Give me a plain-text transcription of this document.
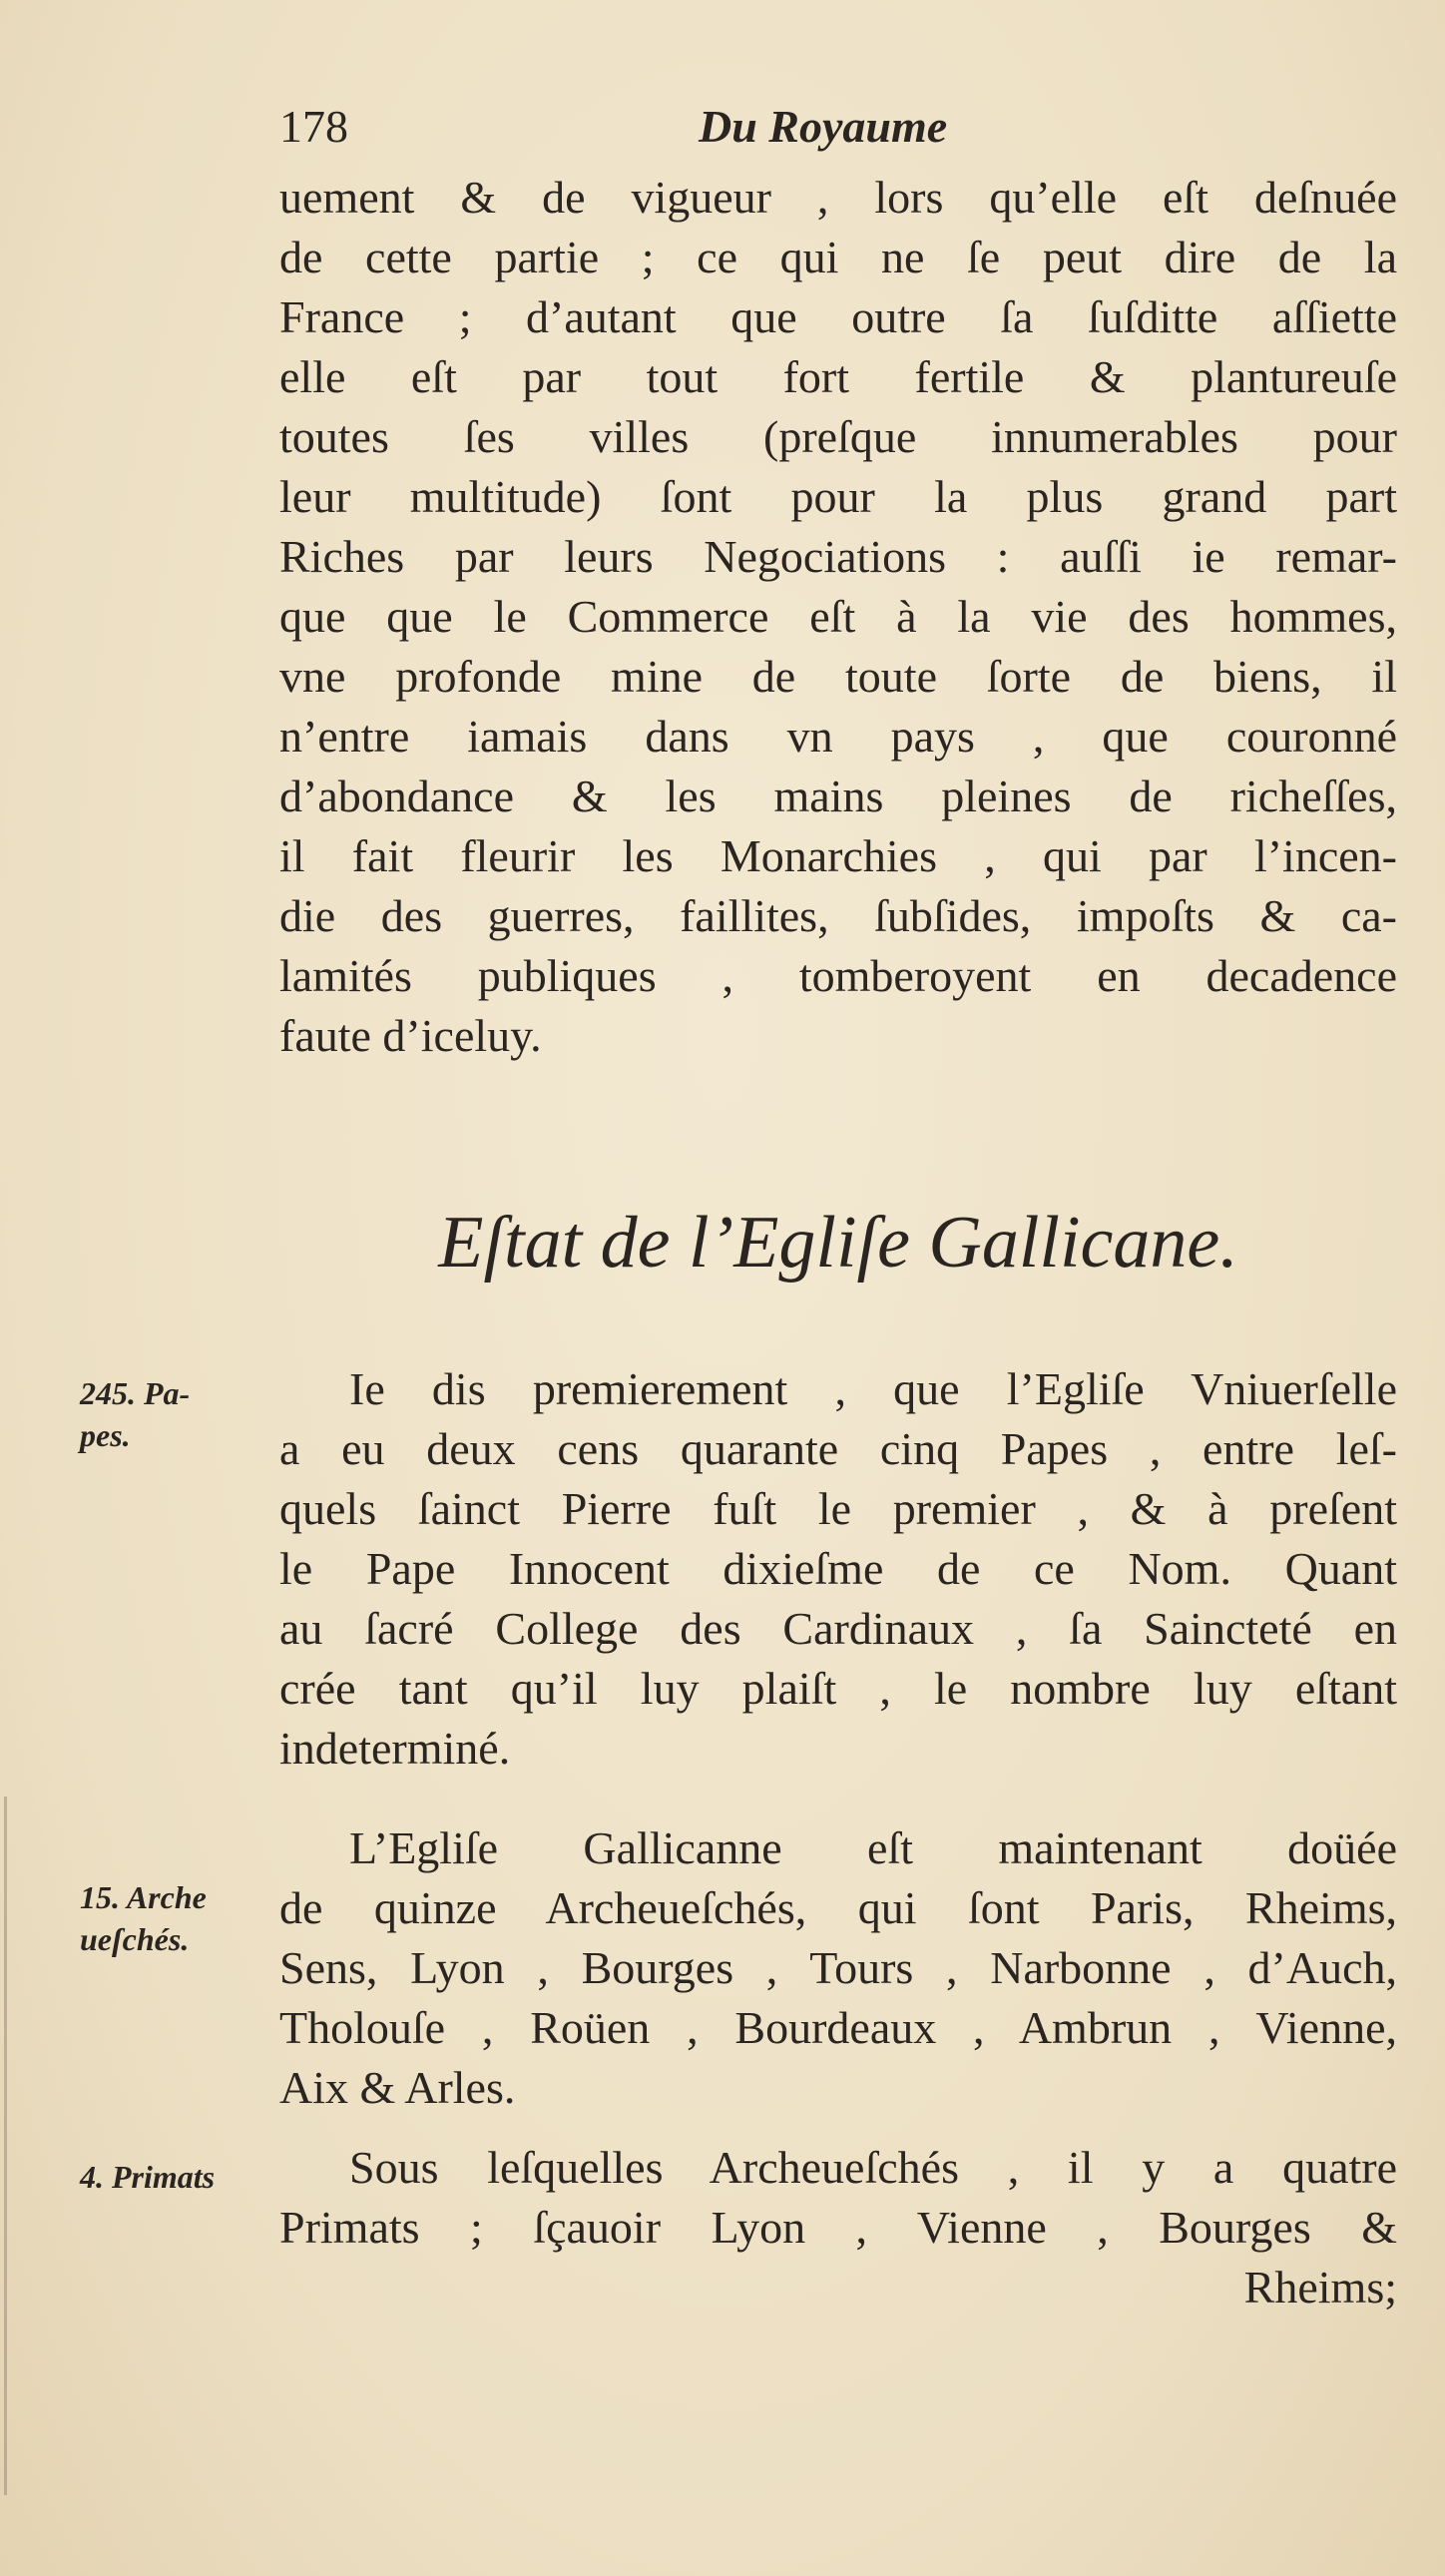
178	Du Royaume
uement & de vigueur , lors qu’elle eſt deſnuée
de cette partie ; ce qui ne ſe peut dire de la
France ; d’autant que outre ſa ſuſditte aſſiette
elle eſt par tout fort fertile & plantureuſe
toutes ſes villes (preſque innumerables pour
leur multitude) ſont pour la plus grand part
Riches par leurs Negociations : auſſi ie remar-
que que le Commerce eſt à la vie des hommes,
vne profonde mine de toute ſorte de biens, il
n’entre iamais dans vn pays , que couronné
d’abondance & les mains pleines de richeſſes,
il fait fleurir les Monarchies , qui par l’incen-
die des guerres, faillites, ſubſides, impoſts & ca-
lamités publiques , tomberoyent en decadence
faute d’iceluy.
Eſtat de l’Egliſe Gallicane.
245. Pa-
pes.
Ie dis premierement , que l’Egliſe Vniuerſelle
a eu deux cens quarante cinq Papes , entre leſ-
quels ſainct Pierre fuſt le premier , & à preſent
le Pape Innocent dixieſme de ce Nom. Quant
au ſacré College des Cardinaux , ſa Saincteté en
crée tant qu’il luy plaiſt , le nombre luy eſtant
indeterminé.
15. Arche
ueſchés.
L’Egliſe Gallicanne eſt maintenant doüée
de quinze Archeueſchés, qui ſont Paris, Rheims,
Sens, Lyon , Bourges , Tours , Narbonne , d’Auch,
Tholouſe , Roüen , Bourdeaux , Ambrun , Vienne,
Aix & Arles.
4. Primats	Sous leſquelles Archeueſchés , il y a quatre
Primats ; ſçauoir Lyon , Vienne , Bourges &
Rheims;
